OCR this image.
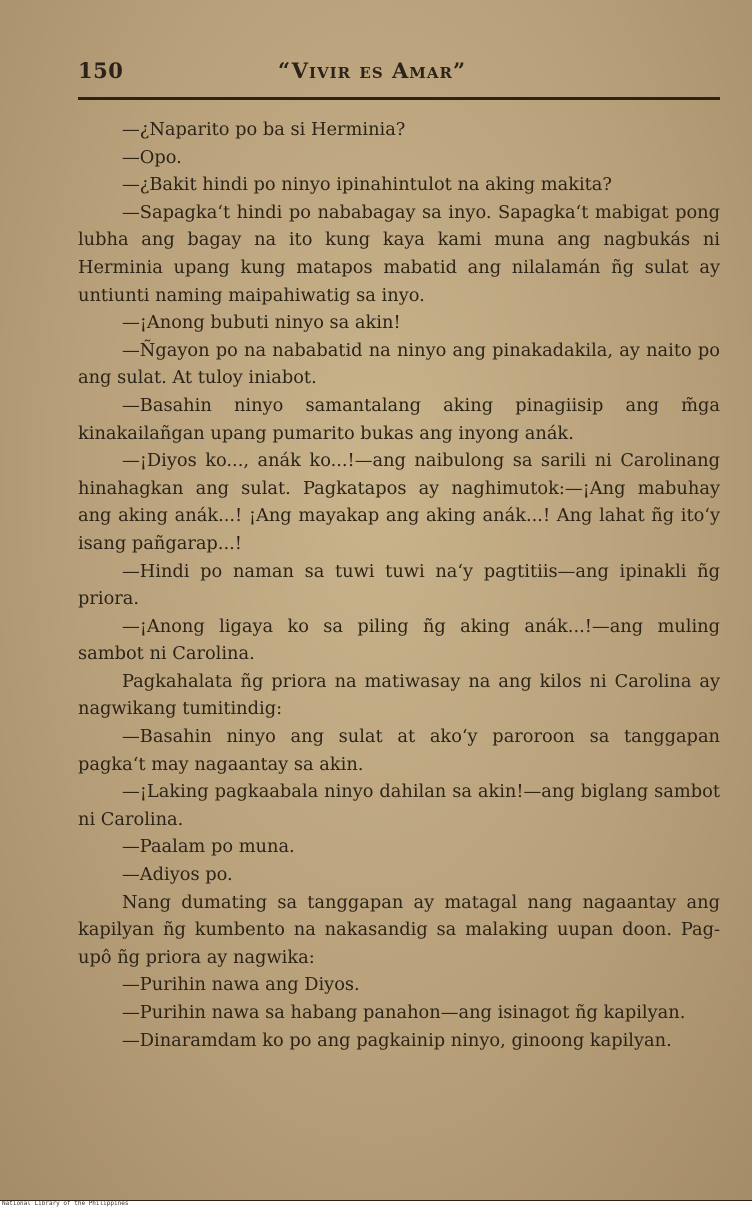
150	“Vivir es Amar”

—¿Naparito po ba si Herminia?

—Opo.

—¿Bakit hindi po ninyo ipinahintulot na aking makita?

—Sapagka‘t hindi po nababagay sa inyo. Sapagka‘t mabigat pong lubha ang bagay na ito kung kaya kami muna ang nagbukás ni Herminia upang kung matapos mabatid ang nilalamán ñg sulat ay untiunti naming maipahiwatig sa inyo.

—¡Anong bubuti ninyo sa akin!

—Ñgayon po na nababatid na ninyo ang pinakadakila, ay naito po ang sulat. At tuloy iniabot.

—Basahin ninyo samantalang aking pinagiisip ang m̃ga kinakailañgan upang pumarito bukas ang inyong anák.

—¡Diyos ko..., anák ko...!—ang naibulong sa sarili ni Carolinang hinahagkan ang sulat. Pagkatapos ay naghimutok:—¡Ang mabuhay ang aking anák...! ¡Ang mayakap ang aking anák...! Ang lahat ñg ito‘y isang pañgarap...!

—Hindi po naman sa tuwi tuwi na‘y pagtitiis—ang ipinakli ñg priora.

—¡Anong ligaya ko sa piling ñg aking anák...!—ang muling sambot ni Carolina.

Pagkahalata ñg priora na matiwasay na ang kilos ni Carolina ay nagwikang tumitindig:

—Basahin ninyo ang sulat at ako‘y paroroon sa tanggapan pagka‘t may nagaantay sa akin.

—¡Laking pagkaabala ninyo dahilan sa akin!—ang biglang sambot ni Carolina.

—Paalam po muna.

—Adiyos po.

Nang dumating sa tanggapan ay matagal nang nagaantay ang kapilyan ñg kumbento na nakasandig sa malaking uupan doon. Pag-upô ñg priora ay nagwika:

—Purihin nawa ang Diyos.

—Purihin nawa sa habang panahon—ang isinagot ñg kapilyan.

—Dinaramdam ko po ang pagkainip ninyo, ginoong kapilyan.

National Library of the Philippines
